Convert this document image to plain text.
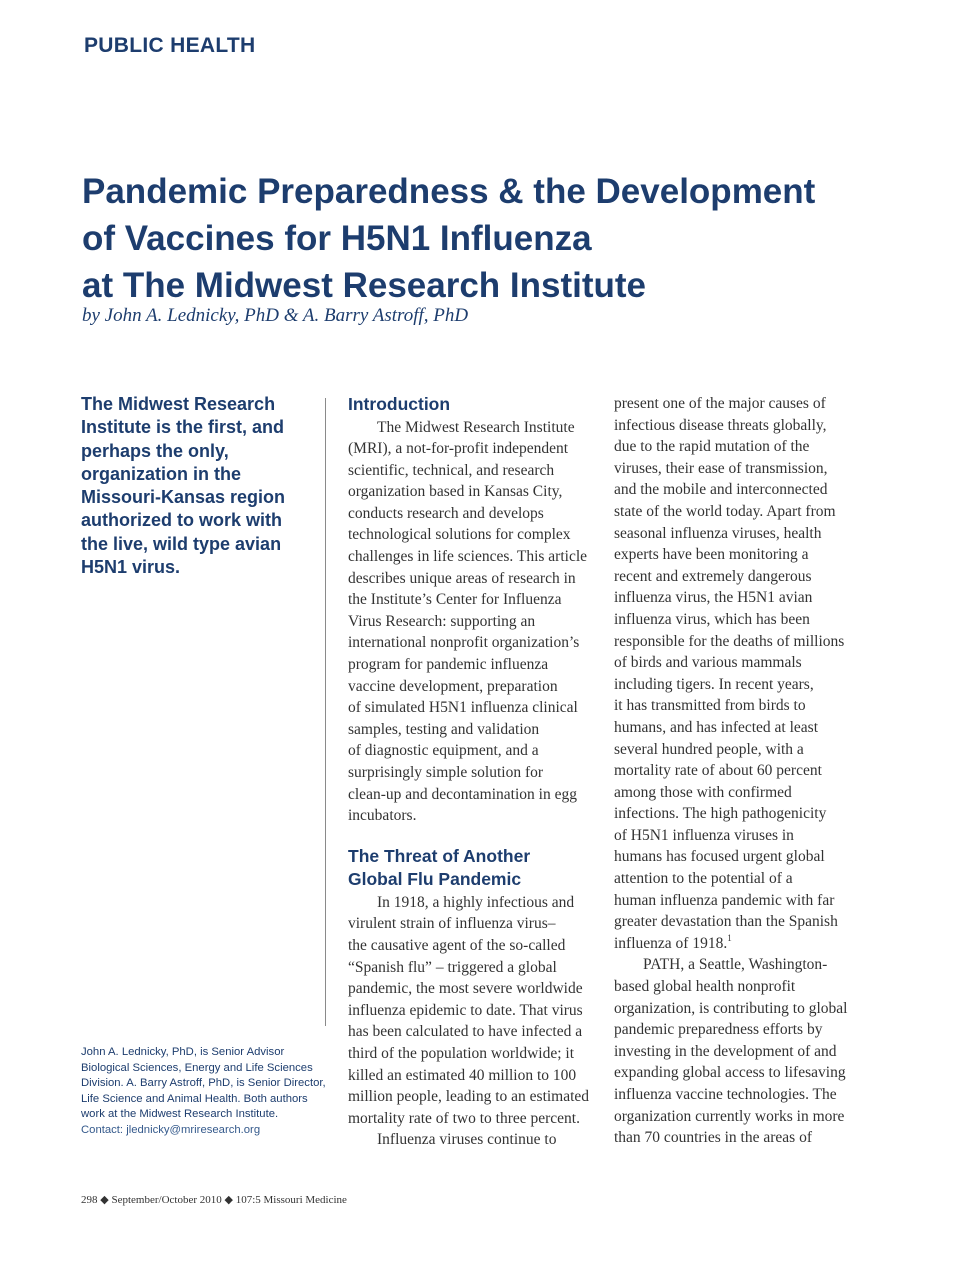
PUBLIC HEALTH
Pandemic Preparedness & the Development
of Vaccines for H5N1 Influenza
at The Midwest Research Institute
by John A. Lednicky, PhD & A. Barry Astroff, PhD
The Midwest Research Institute is the first, and perhaps the only, organization in the Missouri-Kansas region authorized to work with the live, wild type avian H5N1 virus.
John A. Lednicky, PhD, is Senior Advisor Biological Sciences, Energy and Life Sciences Division. A. Barry Astroff, PhD, is Senior Director, Life Science and Animal Health. Both authors work at the Midwest Research Institute.
Contact: jlednicky@mriresearch.org
Introduction
The Midwest Research Institute
(MRI), a not-for-profit independent
scientific, technical, and research
organization based in Kansas City,
conducts research and develops
technological solutions for complex
challenges in life sciences. This article
describes unique areas of research in
the Institute’s Center for Influenza
Virus Research: supporting an
international nonprofit organization’s
program for pandemic influenza
vaccine development, preparation
of simulated H5N1 influenza clinical
samples, testing and validation
of diagnostic equipment, and a
surprisingly simple solution for
clean-up and decontamination in egg
incubators.
The Threat of Another
Global Flu Pandemic
In 1918, a highly infectious and
virulent strain of influenza virus–
the causative agent of the so-called
“Spanish flu” – triggered a global
pandemic, the most severe worldwide
influenza epidemic to date. That virus
has been calculated to have infected a
third of the population worldwide; it
killed an estimated 40 million to 100
million people, leading to an estimated
mortality rate of two to three percent.
Influenza viruses continue to
present one of the major causes of
infectious disease threats globally,
due to the rapid mutation of the
viruses, their ease of transmission,
and the mobile and interconnected
state of the world today. Apart from
seasonal influenza viruses, health
experts have been monitoring a
recent and extremely dangerous
influenza virus, the H5N1 avian
influenza virus, which has been
responsible for the deaths of millions
of birds and various mammals
including tigers. In recent years,
it has transmitted from birds to
humans, and has infected at least
several hundred people, with a
mortality rate of about 60 percent
among those with confirmed
infections. The high pathogenicity
of H5N1 influenza viruses in
humans has focused urgent global
attention to the potential of a
human influenza pandemic with far
greater devastation than the Spanish
influenza of 1918.$^1$
PATH, a Seattle, Washington-
based global health nonprofit
organization, is contributing to global
pandemic preparedness efforts by
investing in the development of and
expanding global access to lifesaving
influenza vaccine technologies. The
organization currently works in more
than 70 countries in the areas of
298 ◆ September/October 2010 ◆ 107:5 Missouri Medicine
